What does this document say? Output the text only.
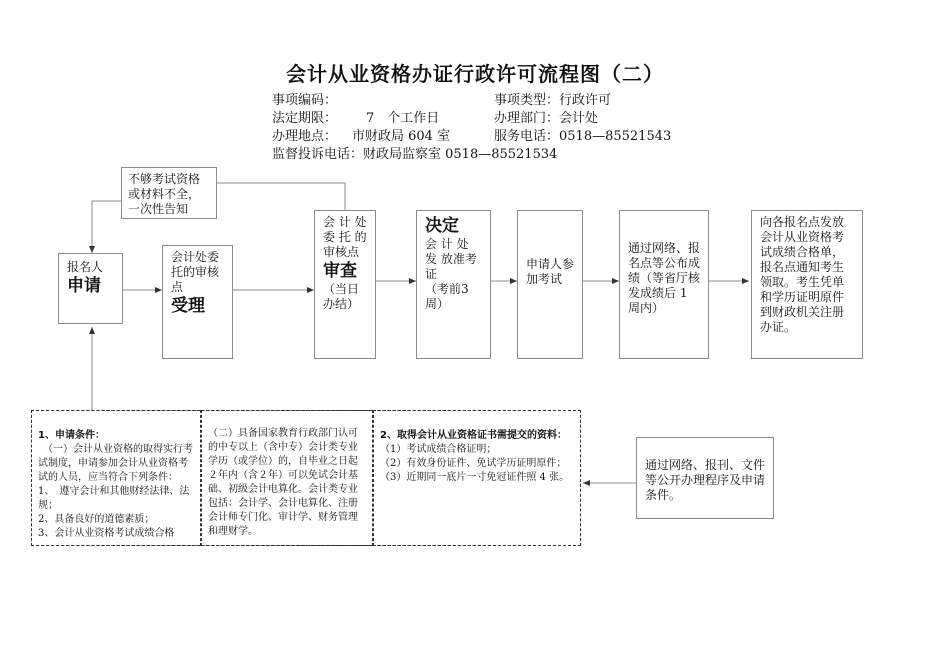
会计从业资格办证行政许可流程图（二）
事项编码：	事项类型：行政许可
法定期限： 7　个工作日	办理部门：会计处
办理地点： 市财政局 604 室	服务电话：0518—85521543
监督投诉电话：财政局监察室 0518—85521534

不够考试资格或材料不全，一次性告知

报名人

申请

会计处委托的审核点

受理

会 计 处 委 托 的 审核点

审查

（当日办结）

决定

会 计 处 发 放准考证

（考前3周）

申请人参加考试

通过网络、报名点等公布成绩（等省厅核发成绩后 1 周内）

向各报名点发放会计从业资格考试成绩合格单，报名点通知考生领取。考生凭单和学历证明原件到财政机关注册办证。

通过网络、报刊、文件等公开办理程序及申请条件。

1、申请条件：

　（一）会计从业资格的取得实行考试制度，申请参加会计从业资格考试的人员，应当符合下列条件：

1、　遵守会计和其他财经法律、法规；

2、具备良好的道德素质；

3、会计从业资格考试成绩合格

（二）具备国家教育行政部门认可的中专以上（含中专）会计类专业学历（或学位）的，自毕业之日起２年内（含２年）可以免试会计基础、初级会计电算化。会计类专业包括：会计学、会计电算化、注册会计师专门化、审计学、财务管理和理财学。

2、取得会计从业资格证书需提交的资料：

（1）考试成绩合格证明；

（2）有效身份证件、免试学历证明原件；

（3）近期同一底片一寸免冠证件照 4 张。
